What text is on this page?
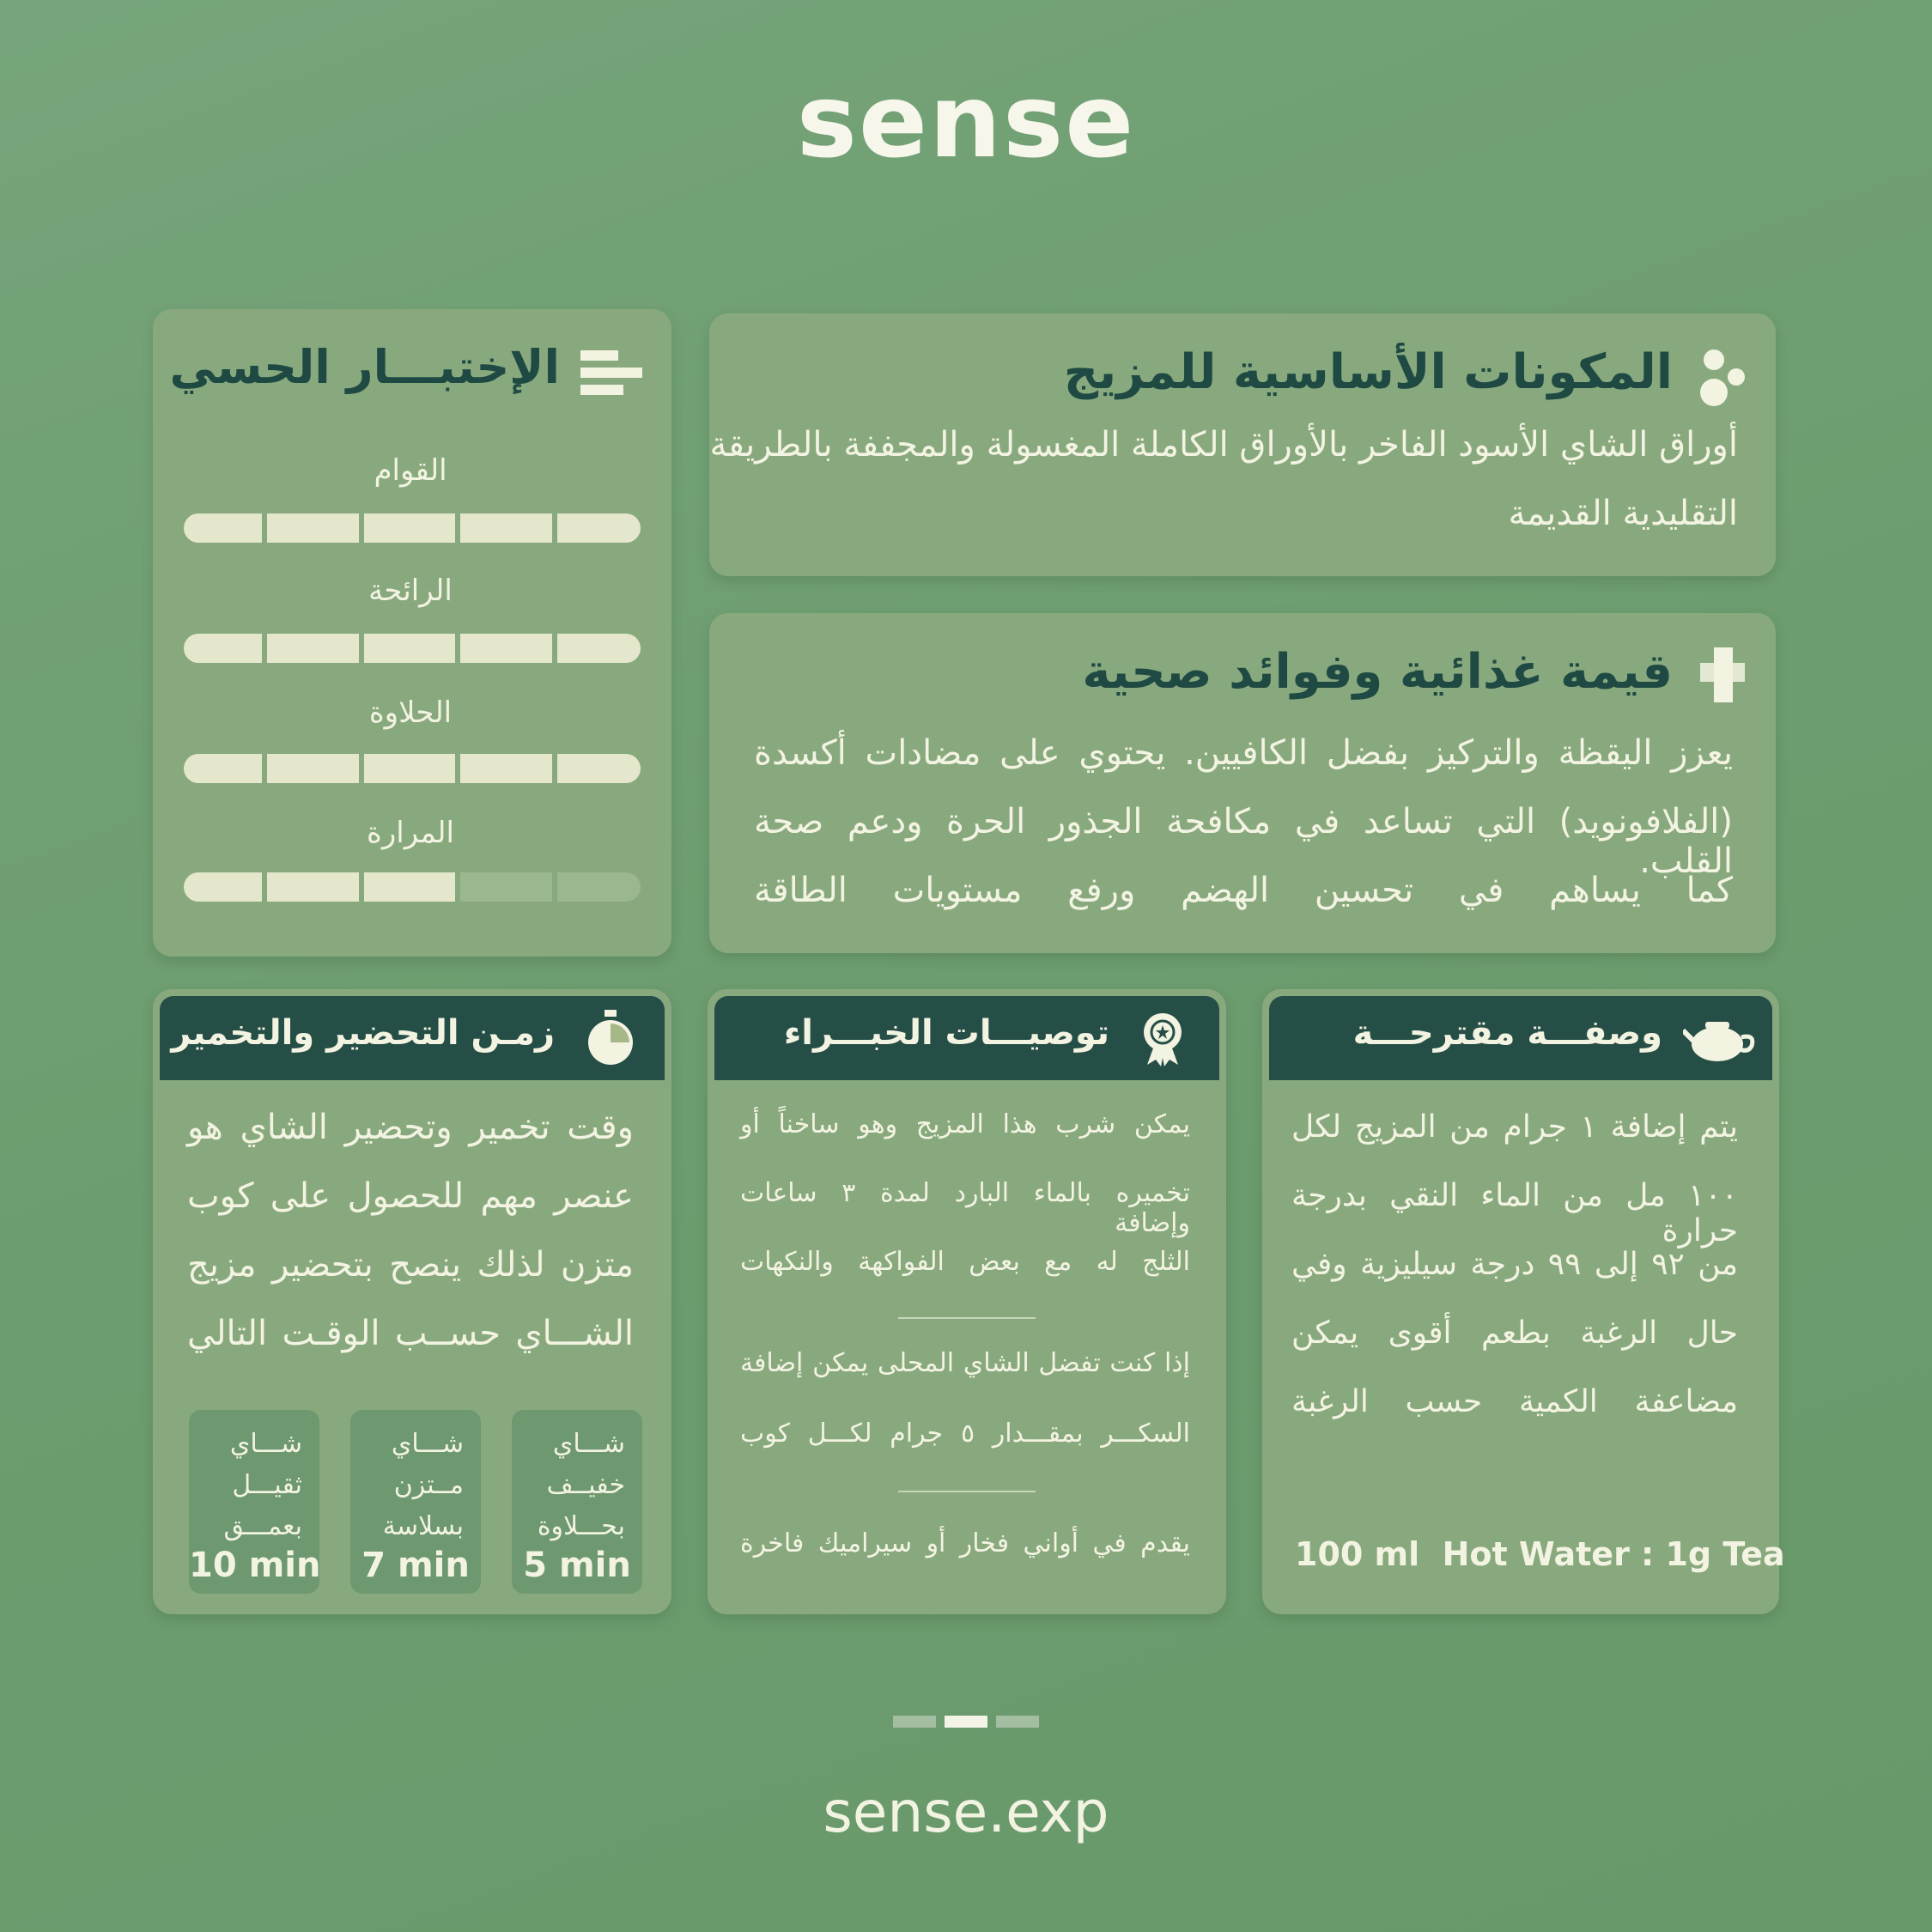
sense
المكونات الأساسية للمزيج
أوراق الشاي الأسود الفاخر بالأوراق الكاملة المغسولة والمجففة بالطريقة
التقليدية القديمة
قيمة غذائية وفوائد صحية
يعزز اليقظة والتركيز بفضل الكافيين. يحتوي على مضادات أكسدة
(الفلافونويد) التي تساعد في مكافحة الجذور الحرة ودعم صحة القلب.
كما يساهم في تحسين الهضم ورفع مستويات الطاقة
الإختبـــار الحسي
القوام
الرائحة
الحلاوة
المرارة
وصفـــة مقترحـــة
يتم إضافة ١ جرام من المزيج لكل
١٠٠ مل من الماء النقي بدرجة حرارة
من ٩٢ إلى ٩٩ درجة سيليزية وفي
حال الرغبة بطعم أقوى يمكن
مضاعفة الكمية حسب الرغبة
100 ml  Hot Water : 1g Tea
توصيـــات الخبـــراء
يمكن شرب هذا المزيج وهو ساخناً أو
تخميره بالماء البارد لمدة ٣ ساعات وإضافة
الثلج له مع بعض الفواكهة والنكهات
إذا كنت تفضل الشاي المحلى يمكن إضافة
السكـــر بمقـــدار ٥ جرام لكـــل كوب
يقدم في أواني فخار أو سيراميك فاخرة
زمـن التحضير والتخمير
وقت تخمير وتحضير الشاي هو
عنصر مهم للحصول على كوب
متزن لذلك ينصح بتحضير مزيج
الشـــاي حســب الوقـت التالي
شـــاي خفيــف بحـــلاوة
5 min
شـــاي مــتزن بسلاسة
7 min
شـــاي ثقيـــل بعمـــق
10 min
sense.exp
